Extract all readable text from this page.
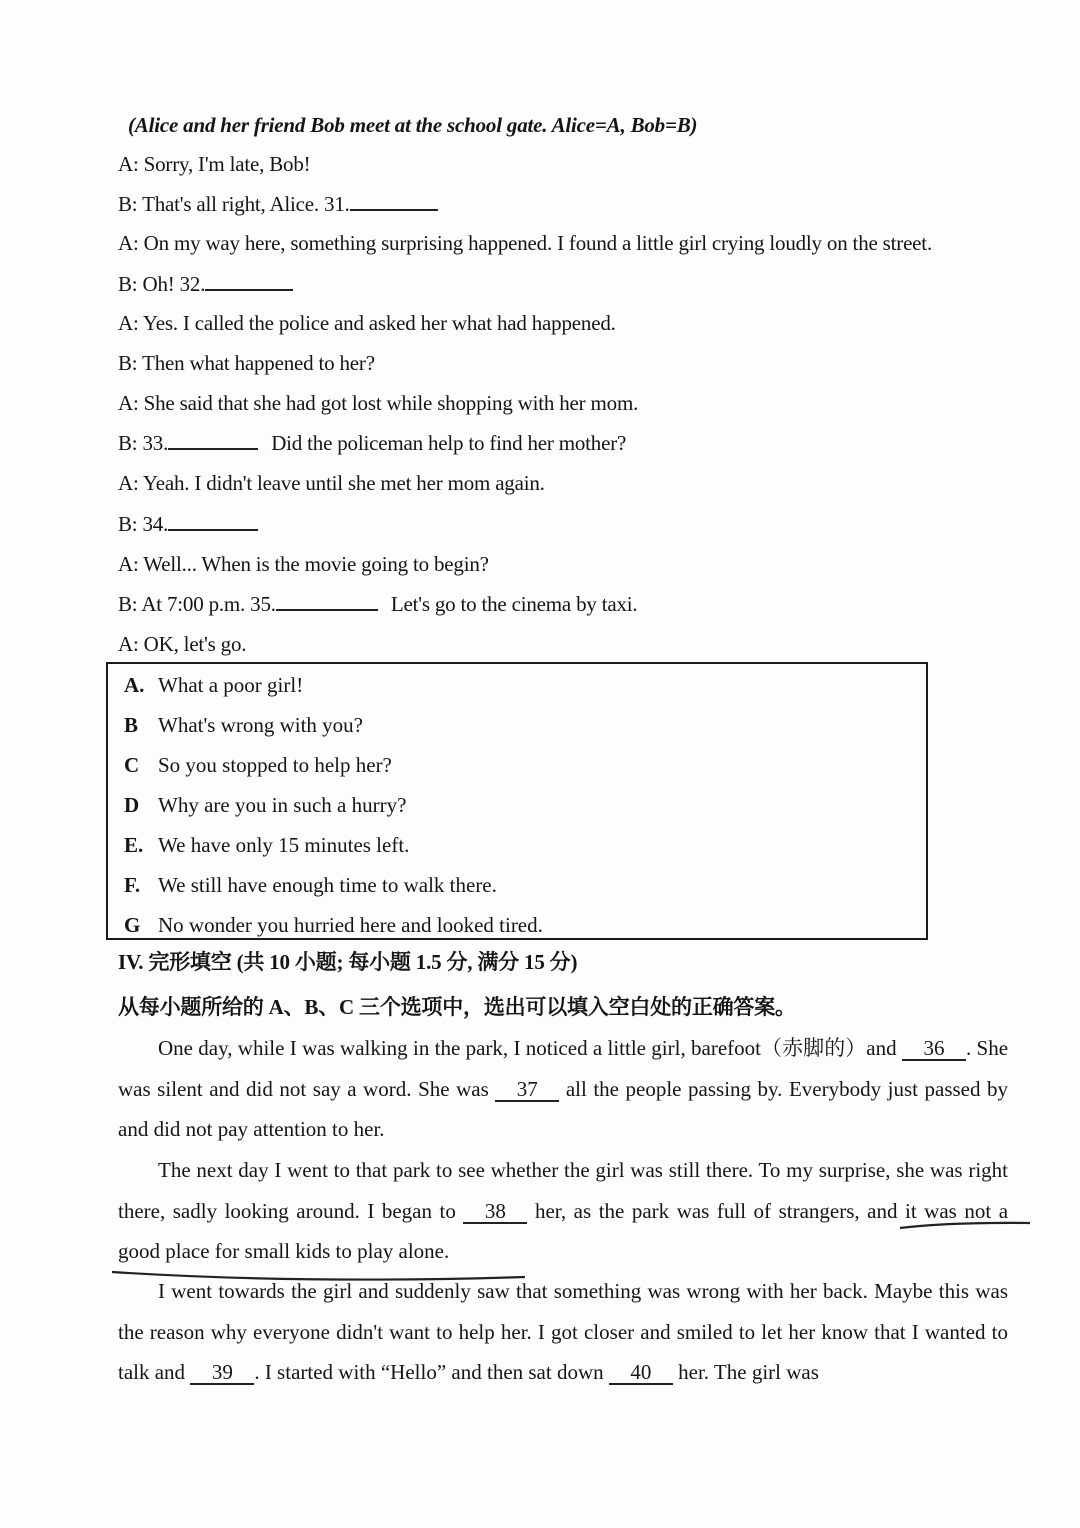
(Alice and her friend Bob meet at the school gate. Alice=A, Bob=B)
A: Sorry, I'm late, Bob!
B: That's all right, Alice. 31.
A: On my way here, something surprising happened. I found a little girl crying loudly on the street.
B: Oh! 32.
A: Yes. I called the police and asked her what had happened.
B: Then what happened to her?
A: She said that she had got lost while shopping with her mom.
B: 33.	Did the policeman help to find her mother?
A: Yeah. I didn't leave until she met her mom again.
B: 34.
A: Well... When is the movie going to begin?
B: At 7:00 p.m. 35.	Let's go to the cinema by taxi.
A: OK, let's go.
A. What a poor girl!
B What's wrong with you?
C So you stopped to help her?
D Why are you in such a hurry?
E. We have only 15 minutes left.
F. We still have enough time to walk there.
G No wonder you hurried here and looked tired.
IV. 完形填空 (共 10 小题; 每小题 1.5 分, 满分 15 分)
从每小题所给的 A、B、C 三个选项中，选出可以填入空白处的正确答案。
One day, while I was walking in the park, I noticed a little girl, barefoot（赤脚的）and 36 . She was silent and did not say a word. She was 37 all the people passing by. Everybody just passed by and did not pay attention to her.
The next day I went to that park to see whether the girl was still there. To my surprise, she was right there, sadly looking around. I began to 38 her, as the park was full of strangers, and it was not a good place for small kids to play alone.
I went towards the girl and suddenly saw that something was wrong with her back. Maybe this was the reason why everyone didn't want to help her. I got closer and smiled to let her know that I wanted to talk and 39 . I started with “Hello” and then sat down 40 her. The girl was
